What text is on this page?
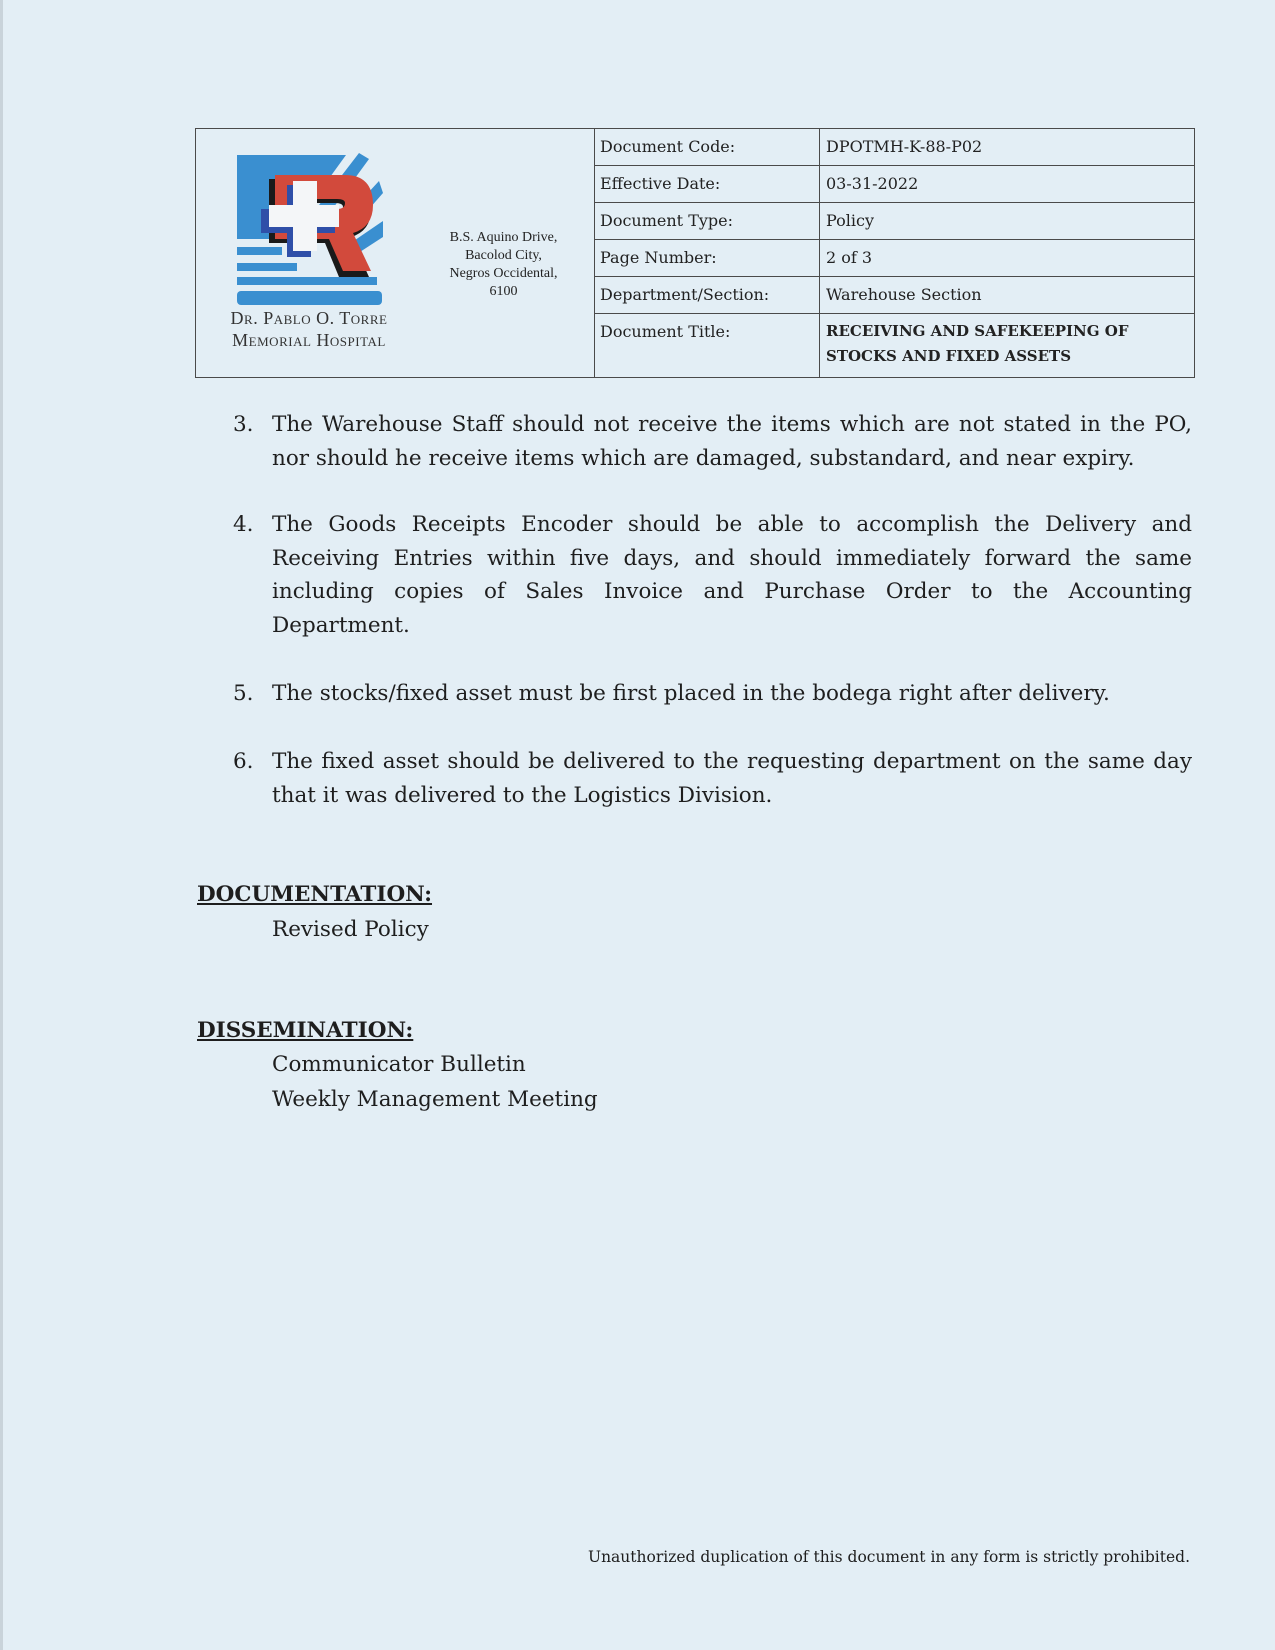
Dr. Pablo O. Torre
Memorial Hospital
B.S. Aquino Drive,
Bacolod City,
Negros Occidental,
6100
Document Code:	DPOTMH-K-88-P02
Effective Date:	03-31-2022
Document Type:	Policy
Page Number:	2 of 3
Department/Section:	Warehouse Section
Document Title:	RECEIVING AND SAFEKEEPING OF STOCKS AND FIXED ASSETS
3. The Warehouse Staff should not receive the items which are not stated in the PO, nor should he receive items which are damaged, substandard, and near expiry.
4. The Goods Receipts Encoder should be able to accomplish the Delivery and Receiving Entries within five days, and should immediately forward the same including copies of Sales Invoice and Purchase Order to the Accounting Department.
5. The stocks/fixed asset must be first placed in the bodega right after delivery.
6. The fixed asset should be delivered to the requesting department on the same day that it was delivered to the Logistics Division.
DOCUMENTATION:
Revised Policy
DISSEMINATION:
Communicator Bulletin
Weekly Management Meeting
Unauthorized duplication of this document in any form is strictly prohibited.
